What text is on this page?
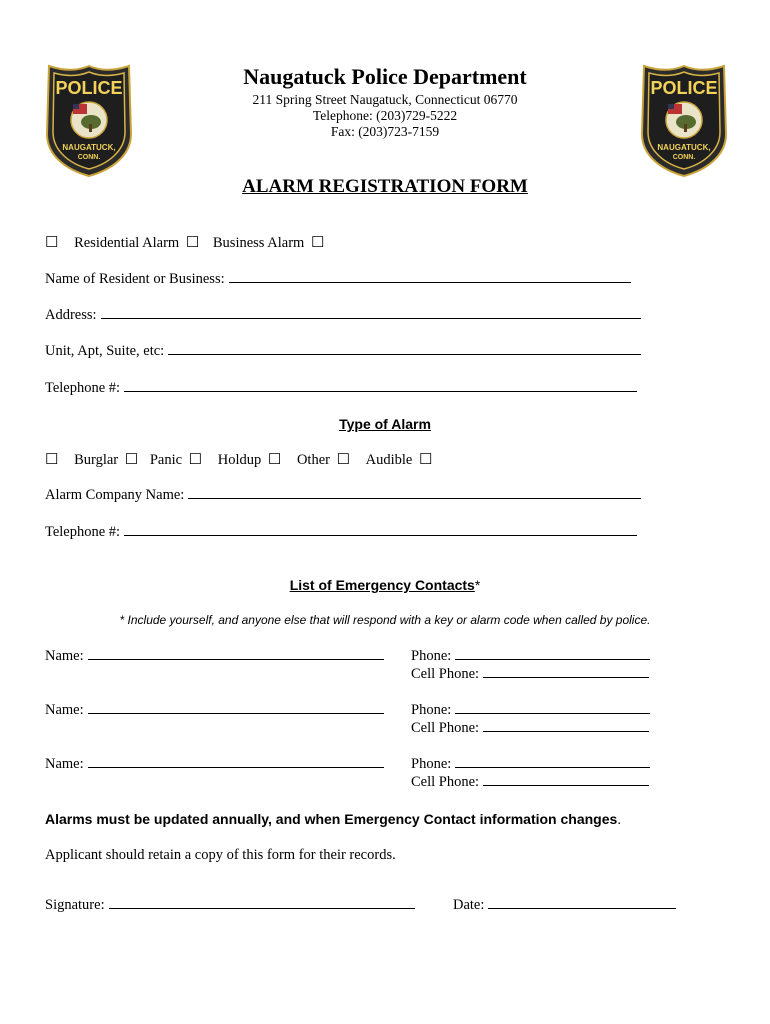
POLICE
NAUGATUCK,
CONN.
POLICE
NAUGATUCK,
CONN.
Naugatuck Police Department
211 Spring Street Naugatuck, Connecticut 06770
Telephone: (203)729-5222
Fax: (203)723-7159
ALARM REGISTRATION FORM
☐ Residential Alarm ☐ Business Alarm ☐
Name of Resident or Business:
Address:
Unit, Apt, Suite, etc:
Telephone #:
Type of Alarm
☐ Burglar ☐ Panic ☐ Holdup ☐ Other ☐ Audible ☐
Alarm Company Name:
Telephone #:
List of Emergency Contacts*
* Include yourself, and anyone else that will respond with a key or alarm code when called by police.
Name:	Phone:
Cell Phone:
Name:	Phone:
Cell Phone:
Name:	Phone:
Cell Phone:
Alarms must be updated annually, and when Emergency Contact information changes.
Applicant should retain a copy of this form for their records.
Signature:	Date:
